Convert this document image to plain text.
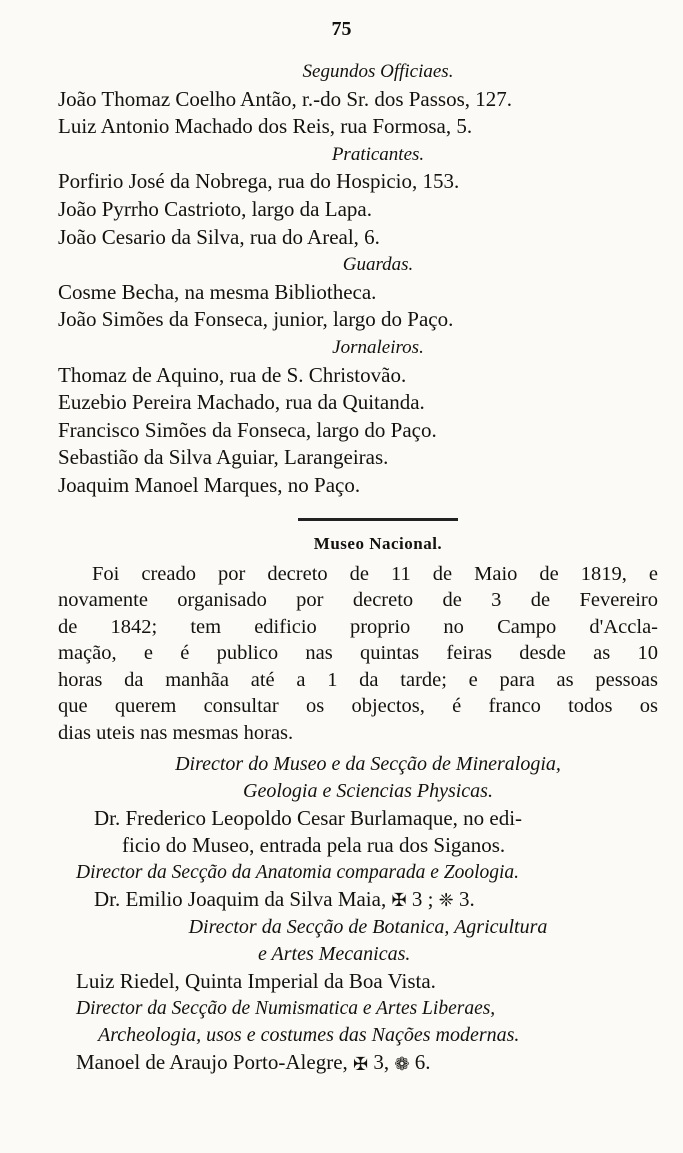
75
Segundos Officiaes.
João Thomaz Coelho Antão, r.-do Sr. dos Passos, 127.
Luiz Antonio Machado dos Reis, rua Formosa, 5.
Praticantes.
Porfirio José da Nobrega, rua do Hospicio, 153.
João Pyrrho Castrioto, largo da Lapa.
João Cesario da Silva, rua do Areal, 6.
Guardas.
Cosme Becha, na mesma Bibliotheca.
João Simões da Fonseca, junior, largo do Paço.
Jornaleiros.
Thomaz de Aquino, rua de S. Christovão.
Euzebio Pereira Machado, rua da Quitanda.
Francisco Simões da Fonseca, largo do Paço.
Sebastião da Silva Aguiar, Larangeiras.
Joaquim Manoel Marques, no Paço.
Museo Nacional.
Foi creado por decreto de 11 de Maio de 1819, e
novamente organisado por decreto de 3 de Fevereiro
de 1842; tem edificio proprio no Campo d'Accla-
mação, e é publico nas quintas feiras desde as 10
horas da manhãa até a 1 da tarde; e para as pessoas
que querem consultar os objectos, é franco todos os
dias uteis nas mesmas horas.
Director do Museo e da Secção de Mineralogia,
Geologia e Sciencias Physicas.
Dr. Frederico Leopoldo Cesar Burlamaque, no edi-
ficio do Museo, entrada pela rua dos Siganos.
Director da Secção da Anatomia comparada e Zoologia.
Dr. Emilio Joaquim da Silva Maia, ✠ 3 ; ❈ 3.
Director da Secção de Botanica, Agricultura
e Artes Mecanicas.
Luiz Riedel, Quinta Imperial da Boa Vista.
Director da Secção de Numismatica e Artes Liberaes,
Archeologia, usos e costumes das Nações modernas.
Manoel de Araujo Porto-Alegre, ✠ 3, ❁ 6.
